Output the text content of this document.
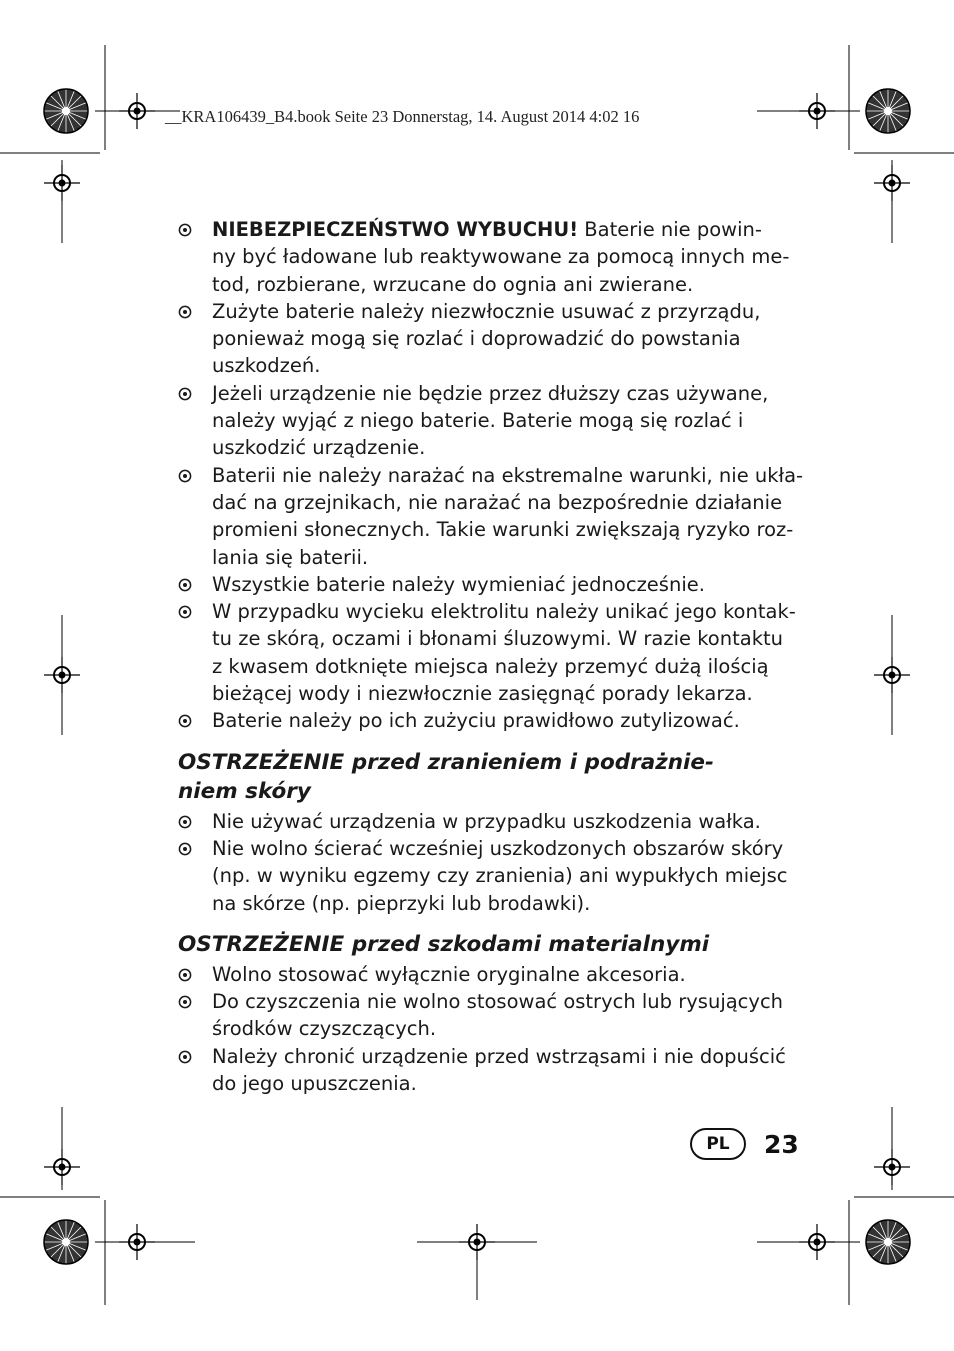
__KRA106439_B4.book Seite 23 Donnerstag, 14. August 2014 4:02 16
NIEBEZPIECZEŃSTWO WYBUCHU! Baterie nie powin-
ny być ładowane lub reaktywowane za pomocą innych me-
tod, rozbierane, wrzucane do ognia ani zwierane.
Zużyte baterie należy niezwłocznie usuwać z przyrządu,
ponieważ mogą się rozlać i doprowadzić do powstania
uszkodzeń.
Jeżeli urządzenie nie będzie przez dłuższy czas używane,
należy wyjąć z niego baterie. Baterie mogą się rozlać i
uszkodzić urządzenie.
Baterii nie należy narażać na ekstremalne warunki, nie ukła-
dać na grzejnikach, nie narażać na bezpośrednie działanie
promieni słonecznych. Takie warunki zwiększają ryzyko roz-
lania się baterii.
Wszystkie baterie należy wymieniać jednocześnie.
W przypadku wycieku elektrolitu należy unikać jego kontak-
tu ze skórą, oczami i błonami śluzowymi. W razie kontaktu
z kwasem dotknięte miejsca należy przemyć dużą ilością
bieżącej wody i niezwłocznie zasięgnąć porady lekarza.
Baterie należy po ich zużyciu prawidłowo zutylizować.
OSTRZEŻENIE przed zranieniem i podrażnie-
niem skóry
Nie używać urządzenia w przypadku uszkodzenia wałka.
Nie wolno ścierać wcześniej uszkodzonych obszarów skóry
(np. w wyniku egzemy czy zranienia) ani wypukłych miejsc
na skórze (np. pieprzyki lub brodawki).
OSTRZEŻENIE przed szkodami materialnymi
Wolno stosować wyłącznie oryginalne akcesoria.
Do czyszczenia nie wolno stosować ostrych lub rysujących
środków czyszczących.
Należy chronić urządzenie przed wstrząsami i nie dopuścić
do jego upuszczenia.
PL	23
